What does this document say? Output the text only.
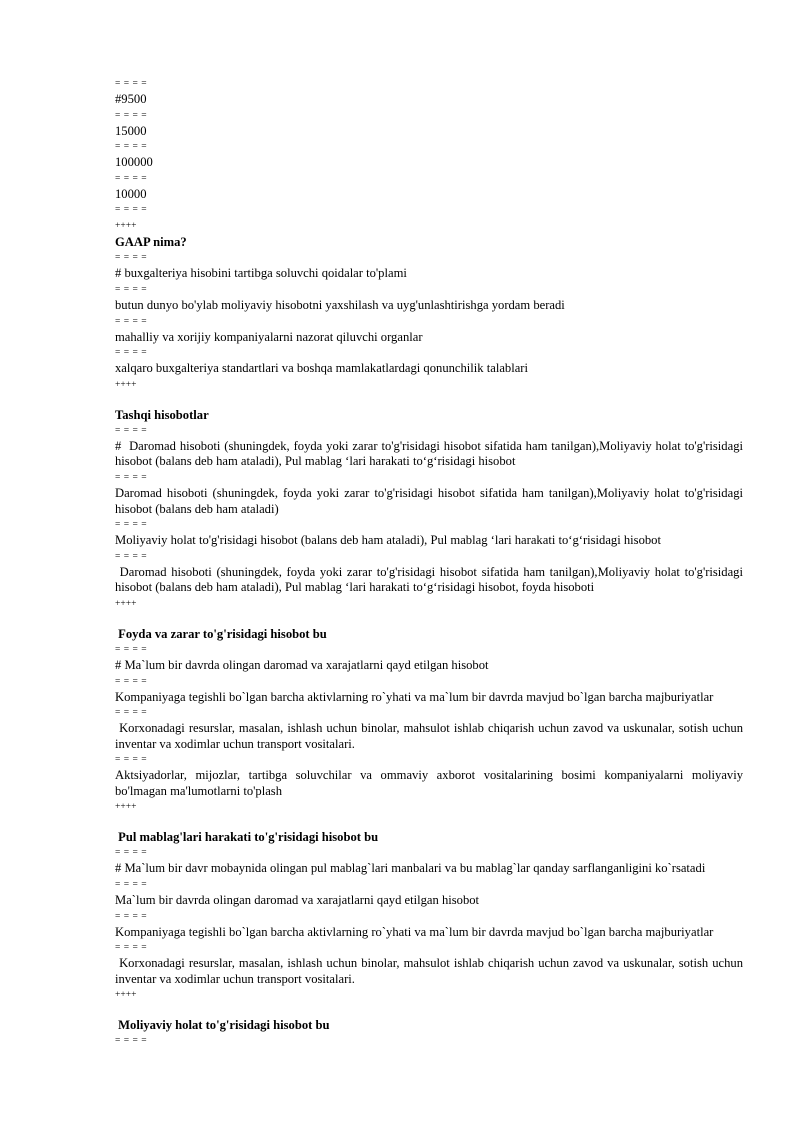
= = = =
#9500
= = = =
15000
= = = =
100000
= = = =
10000
= = = =
++++
GAAP nima?
= = = =
# buxgalteriya hisobini tartibga soluvchi qoidalar to'plami
= = = =
butun dunyo bo'ylab moliyaviy hisobotni yaxshilash va uyg'unlashtirishga yordam beradi
= = = =
mahalliy va xorijiy kompaniyalarni nazorat qiluvchi organlar
= = = =
xalqaro buxgalteriya standartlari va boshqa mamlakatlardagi qonunchilik talablari
++++
Tashqi hisobotlar
= = = =
#  Daromad hisoboti (shuningdek, foyda yoki zarar to'g'risidagi hisobot sifatida ham tanilgan),Moliyaviy holat to'g'risidagi hisobot (balans deb ham ataladi), Pul mablag ‘lari harakati to‘g‘risidagi hisobot
= = = =
Daromad hisoboti (shuningdek, foyda yoki zarar to'g'risidagi hisobot sifatida ham tanilgan),Moliyaviy holat to'g'risidagi hisobot (balans deb ham ataladi)
= = = =
Moliyaviy holat to'g'risidagi hisobot (balans deb ham ataladi), Pul mablag ‘lari harakati to‘g‘risidagi hisobot
= = = =
Daromad hisoboti (shuningdek, foyda yoki zarar to'g'risidagi hisobot sifatida ham tanilgan),Moliyaviy holat to'g'risidagi hisobot (balans deb ham ataladi), Pul mablag ‘lari harakati to‘g‘risidagi hisobot, foyda hisoboti
++++
Foyda va zarar to'g'risidagi hisobot bu
= = = =
# Ma`lum bir davrda olingan daromad va xarajatlarni qayd etilgan hisobot
= = = =
Kompaniyaga tegishli bo`lgan barcha aktivlarning ro`yhati va ma`lum bir davrda mavjud bo`lgan barcha majburiyatlar
= = = =
Korxonadagi resurslar, masalan, ishlash uchun binolar, mahsulot ishlab chiqarish uchun zavod va uskunalar, sotish uchun inventar va xodimlar uchun transport vositalari.
= = = =
Aktsiyadorlar, mijozlar, tartibga soluvchilar va ommaviy axborot vositalarining bosimi kompaniyalarni moliyaviy bo'lmagan ma'lumotlarni to'plash
++++
Pul mablag'lari harakati to'g'risidagi hisobot bu
= = = =
# Ma`lum bir davr mobaynida olingan pul mablag`lari manbalari va bu mablag`lar qanday sarflanganligini ko`rsatadi
= = = =
Ma`lum bir davrda olingan daromad va xarajatlarni qayd etilgan hisobot
= = = =
Kompaniyaga tegishli bo`lgan barcha aktivlarning ro`yhati va ma`lum bir davrda mavjud bo`lgan barcha majburiyatlar
= = = =
Korxonadagi resurslar, masalan, ishlash uchun binolar, mahsulot ishlab chiqarish uchun zavod va uskunalar, sotish uchun inventar va xodimlar uchun transport vositalari.
++++
Moliyaviy holat to'g'risidagi hisobot bu
= = = =
